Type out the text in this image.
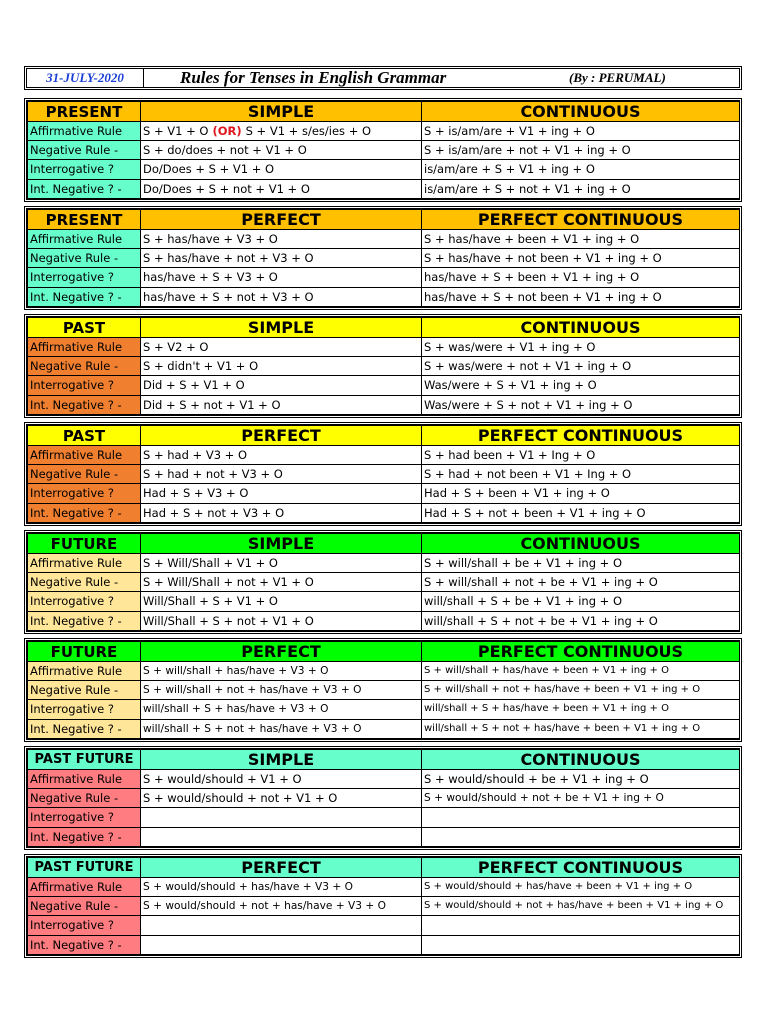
31-JULY-2020	Rules for Tenses in English Grammar	(By : PERUMAL)
PRESENT	SIMPLE	CONTINUOUS
Affirmative Rule	S + V1 + O (OR) S + V1 + s/es/ies + O	S + is/am/are + V1 + ing + O
Negative Rule -	S + do/does + not + V1 + O	S + is/am/are + not + V1 + ing + O
Interrogative ?	Do/Does + S + V1 + O	is/am/are + S + V1 + ing + O
Int. Negative ? -	Do/Does + S + not + V1 + O	is/am/are + S + not + V1 + ing + O
PRESENT	PERFECT	PERFECT CONTINUOUS
Affirmative Rule	S + has/have + V3 + O	S + has/have + been + V1 + ing + O
Negative Rule -	S + has/have + not + V3 + O	S + has/have + not been + V1 + ing + O
Interrogative ?	has/have + S + V3 + O	has/have + S + been + V1 + ing + O
Int. Negative ? -	has/have + S + not + V3 + O	has/have + S + not been + V1 + ing + O
PAST	SIMPLE	CONTINUOUS
Affirmative Rule	S + V2 + O	S + was/were + V1 + ing + O
Negative Rule -	S + didn't + V1 + O	S + was/were + not + V1 + ing + O
Interrogative ?	Did + S + V1 + O	Was/were + S + V1 + ing + O
Int. Negative ? -	Did + S + not + V1 + O	Was/were + S + not + V1 + ing + O
PAST	PERFECT	PERFECT CONTINUOUS
Affirmative Rule	S + had + V3 + O	S + had been + V1 + Ing + O
Negative Rule -	S + had + not + V3 + O	S + had + not been + V1 + Ing + O
Interrogative ?	Had + S + V3 + O	Had + S + been + V1 + ing + O
Int. Negative ? -	Had + S + not + V3 + O	Had + S + not + been + V1 + ing + O
FUTURE	SIMPLE	CONTINUOUS
Affirmative Rule	S + Will/Shall + V1 + O	S + will/shall + be + V1 + ing + O
Negative Rule -	S + Will/Shall + not + V1 + O	S + will/shall + not + be + V1 + ing + O
Interrogative ?	Will/Shall + S + V1 + O	will/shall + S + be + V1 + ing + O
Int. Negative ? -	Will/Shall + S + not + V1 + O	will/shall + S + not + be + V1 + ing + O
FUTURE	PERFECT	PERFECT CONTINUOUS
Affirmative Rule	S + will/shall + has/have + V3 + O	S + will/shall + has/have + been + V1 + ing + O
Negative Rule -	S + will/shall + not + has/have + V3 + O	S + will/shall + not + has/have + been + V1 + ing + O
Interrogative ?	will/shall + S + has/have + V3 + O	will/shall + S + has/have + been + V1 + ing + O
Int. Negative ? -	will/shall + S + not + has/have + V3 + O	will/shall + S + not + has/have + been + V1 + ing + O
PAST FUTURE	SIMPLE	CONTINUOUS
Affirmative Rule	S + would/should + V1 + O	S + would/should + be + V1 + ing + O
Negative Rule -	S + would/should + not + V1 + O	S + would/should + not + be + V1 + ing + O
Interrogative ?		
Int. Negative ? -		
PAST FUTURE	PERFECT	PERFECT CONTINUOUS
Affirmative Rule	S + would/should + has/have + V3 + O	S + would/should + has/have + been + V1 + ing + O
Negative Rule -	S + would/should + not + has/have + V3 + O	S + would/should + not + has/have + been + V1 + ing + O
Interrogative ?		
Int. Negative ? -		
